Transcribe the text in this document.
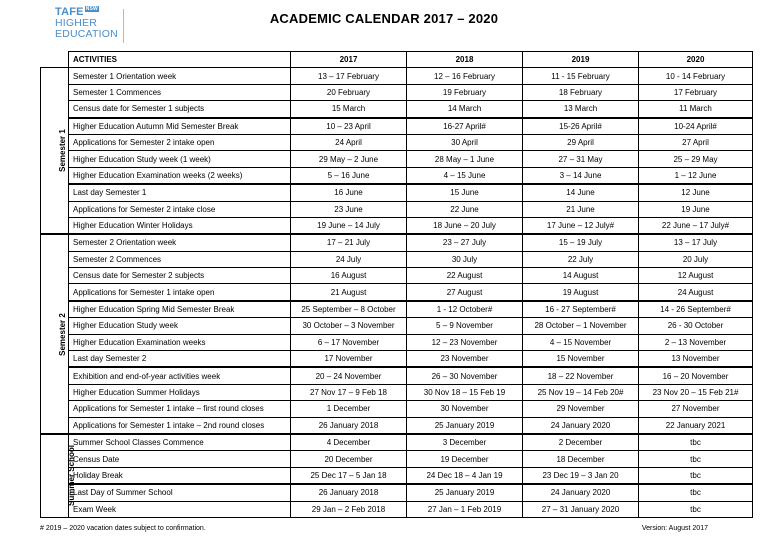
TAFE $^{NSW}$
HIGHER
EDUCATION
ACADEMIC CALENDAR 2017 – 2020
	ACTIVITIES	2017	2018	2019	2020
Semester 1	Semester 1 Orientation week	13 – 17 February	12 – 16 February	11 - 15 February	10 - 14 February
	Semester 1 Commences	20 February	19 February	18 February	17 February
	Census date for Semester 1 subjects	15 March	14 March	13 March	11 March
	Higher Education Autumn Mid Semester Break	10 – 23 April	16-27 April#	15-26 April#	10-24 April#
	Applications for Semester 2 intake open	24 April	30 April	29 April	27 April
	Higher Education Study week (1 week)	29 May – 2 June	28 May – 1 June	27 – 31 May	25 – 29 May
	Higher Education Examination weeks (2 weeks)	5 – 16 June	4 – 15 June	3 – 14 June	1 – 12 June
	Last day Semester 1	16 June	15 June	14 June	12 June
	Applications for Semester 2 intake close	23 June	22 June	21 June	19 June
	Higher Education Winter Holidays	19 June – 14 July	18 June – 20 July	17 June – 12 July#	22 June – 17 July#
Semester 2	Semester 2 Orientation week	17 – 21 July	23 – 27 July	15 – 19 July	13 – 17 July
	Semester 2 Commences	24 July	30 July	22 July	20 July
	Census date for Semester 2 subjects	16 August	22 August	14 August	12 August
	Applications for Semester 1 intake open	21 August	27 August	19 August	24 August
	Higher Education Spring Mid Semester Break	25 September – 8 October	1 - 12 October#	16 - 27 September#	14 - 26 September#
	Higher Education Study week	30 October – 3 November	5 – 9 November	28 October – 1 November	26 - 30 October
	Higher Education Examination weeks	6 – 17 November	12 – 23 November	4 – 15 November	2 – 13 November
	Last day Semester 2	17 November	23 November	15 November	13 November
	Exhibition and end-of-year activities week	20 – 24 November	26 – 30 November	18 – 22 November	16 – 20 November
	Higher Education Summer Holidays	27 Nov 17 – 9 Feb 18	30 Nov 18 – 15 Feb 19	25 Nov 19 – 14 Feb 20#	23 Nov 20 – 15 Feb 21#
	Applications for Semester 1 intake – first round closes	1 December	30 November	29 November	27 November
	Applications for Semester 1 intake – 2nd round closes	26 January 2018	25 January 2019	24 January 2020	22 January 2021
Summer School	Summer School Classes Commence	4 December	3 December	2 December	tbc
	Census Date	20 December	19 December	18 December	tbc
	Holiday Break	25 Dec 17 – 5 Jan 18	24 Dec 18 – 4 Jan 19	23 Dec 19 – 3 Jan 20	tbc
	Last Day of Summer School	26 January 2018	25 January 2019	24 January 2020	tbc
	Exam Week	29 Jan – 2 Feb 2018	27 Jan – 1 Feb 2019	27 – 31 January 2020	tbc
# 2019 – 2020 vacation dates subject to confirmation.	Version: August 2017
